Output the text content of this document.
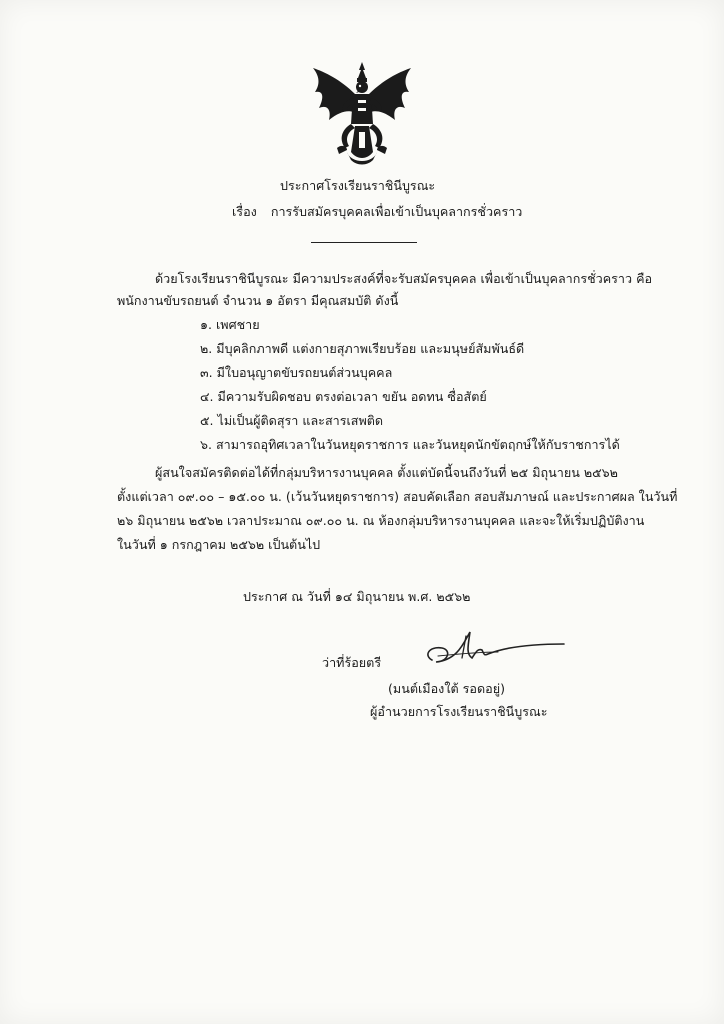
ประกาศโรงเรียนราชินีบูรณะ
เรื่อง การรับสมัครบุคคลเพื่อเข้าเป็นบุคลากรชั่วคราว
ด้วยโรงเรียนราชินีบูรณะ มีความประสงค์ที่จะรับสมัครบุคคล เพื่อเข้าเป็นบุคลากรชั่วคราว คือ
พนักงานขับรถยนต์ จำนวน ๑ อัตรา มีคุณสมบัติ ดังนี้
๑. เพศชาย
๒. มีบุคลิกภาพดี แต่งกายสุภาพเรียบร้อย และมนุษย์สัมพันธ์ดี
๓. มีใบอนุญาตขับรถยนต์ส่วนบุคคล
๔. มีความรับผิดชอบ ตรงต่อเวลา ขยัน อดทน ซื่อสัตย์
๕. ไม่เป็นผู้ติดสุรา และสารเสพติด
๖. สามารถอุทิศเวลาในวันหยุดราชการ และวันหยุดนักขัตฤกษ์ให้กับราชการได้
ผู้สนใจสมัครติดต่อได้ที่กลุ่มบริหารงานบุคคล ตั้งแต่บัดนี้จนถึงวันที่ ๒๕ มิถุนายน ๒๕๖๒
ตั้งแต่เวลา ๐๙.๐๐ – ๑๕.๐๐ น. (เว้นวันหยุดราชการ) สอบคัดเลือก สอบสัมภาษณ์ และประกาศผล ในวันที่
๒๖ มิถุนายน ๒๕๖๒ เวลาประมาณ ๐๙.๐๐ น. ณ ห้องกลุ่มบริหารงานบุคคล และจะให้เริ่มปฏิบัติงาน
ในวันที่ ๑ กรกฎาคม ๒๕๖๒ เป็นต้นไป
ประกาศ ณ วันที่ ๑๔ มิถุนายน พ.ศ. ๒๕๖๒
ว่าที่ร้อยตรี
(มนต์เมืองใต้ รอดอยู่)
ผู้อำนวยการโรงเรียนราชินีบูรณะ
